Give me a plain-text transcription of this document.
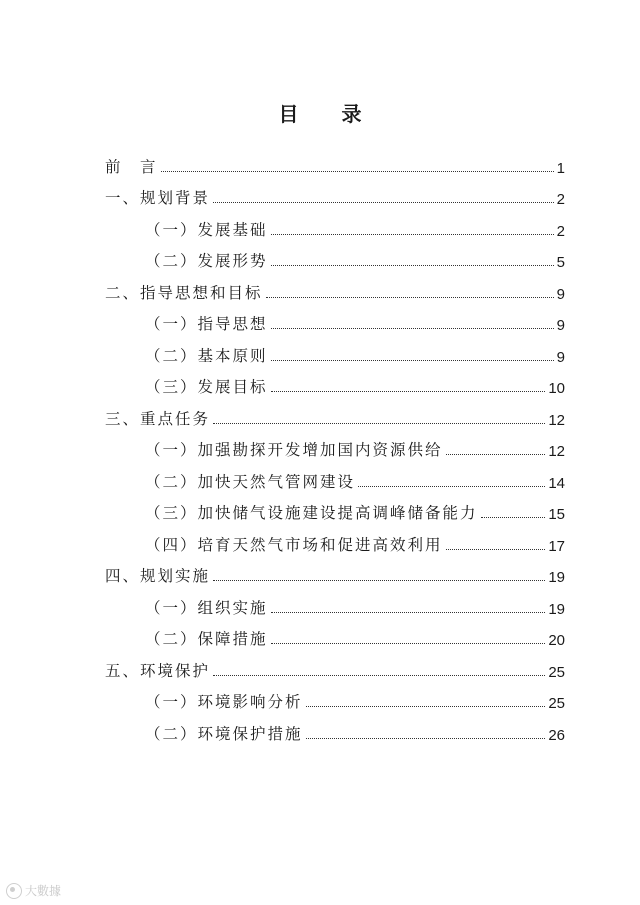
目 录
前　言	1
一、规划背景	2
（一）发展基础	2
（二）发展形势	5
二、指导思想和目标	9
（一）指导思想	9
（二）基本原则	9
（三）发展目标	10
三、重点任务	12
（一）加强勘探开发增加国内资源供给	12
（二）加快天然气管网建设	14
（三）加快储气设施建设提高调峰储备能力	15
（四）培育天然气市场和促进高效利用	17
四、规划实施	19
（一）组织实施	19
（二）保障措施	20
五、环境保护	25
（一）环境影响分析	25
（二）环境保护措施	26
大數據
